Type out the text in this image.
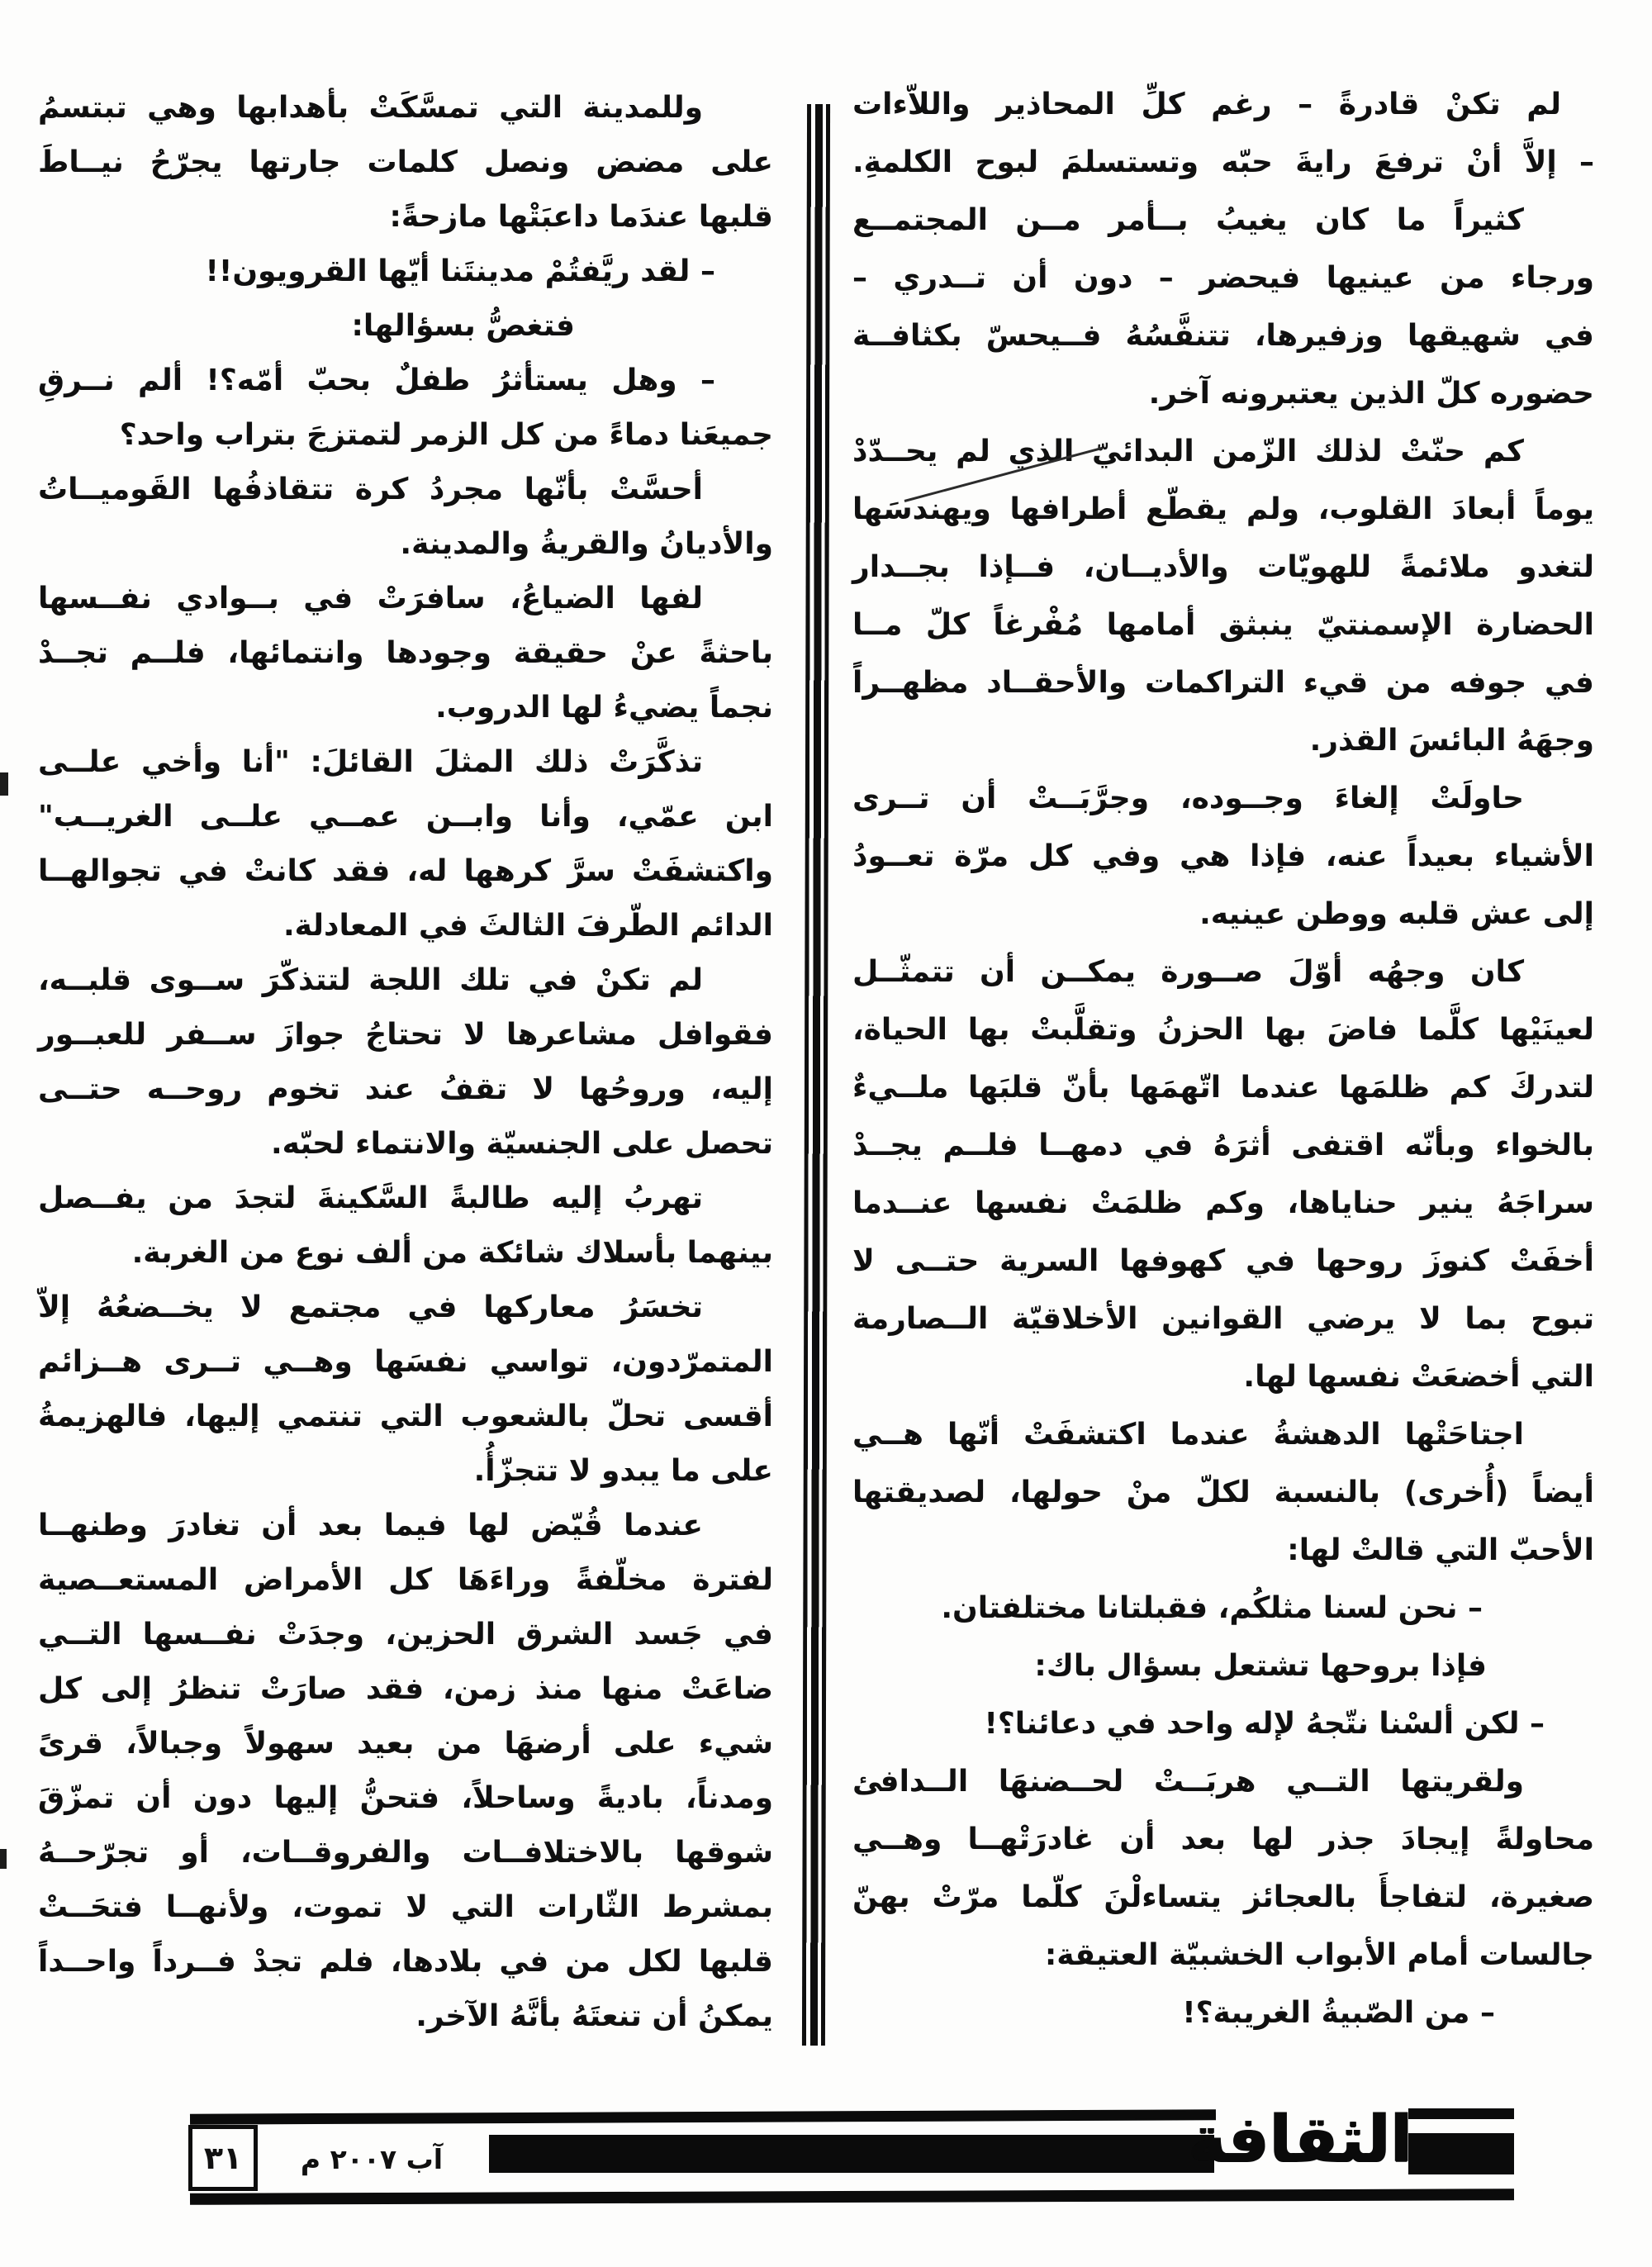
لم تكنْ قادرةً – رغم كلِّ المحاذير واللاّءات
– إلاَّ أنْ ترفعَ رايةَ حبّه وتستسلمَ لبوح الكلمةِ.
كثيراً ما كان يغيبُ بــأمر مــن المجتمــع
ورجاء من عينيها فيحضر – دون أن تــدري –
في شهيقها وزفيرها، تتنفَّسُهُ فــيحسّ بكثافــة
حضوره كلّ الذين يعتبرونه آخر.
كم حنّتْ لذلك الزّمن البدائيّ الذي لم يحــدّدْ
يوماً أبعادَ القلوب، ولم يقطّع أطرافها ويهندسَها
لتغدو ملائمةً للهويّات والأديــان، فــإذا بجــدار
الحضارة الإسمنتيّ ينبثق أمامها مُفْرغاً كلّ مــا
في جوفه من قيء التراكمات والأحقــاد مظهــراً
وجهَهُ البائسَ القذر.
حاولَتْ إلغاءَ وجــوده، وجرَّبَــتْ أن تــرى
الأشياء بعيداً عنه، فإذا هي وفي كل مرّة تعــودُ
إلى عش قلبه ووطن عينيه.
كان وجهُه أوّلَ صــورة يمكــن أن تتمثّــل
لعينَيْها كلَّما فاضَ بها الحزنُ وتقلَّبتْ بها الحياة،
لتدركَ كم ظلمَها عندما اتّهمَها بأنّ قلبَها ملــيءٌ
بالخواء وبأنّه اقتفى أثرَهُ في دمهــا فلــم يجــدْ
سراجَهُ ينير حناياها، وكم ظلمَتْ نفسها عنــدما
أخفَتْ كنوزَ روحها في كهوفها السرية حتــى لا
تبوح بما لا يرضي القوانين الأخلاقيّة الــصارمة
التي أخضعَتْ نفسها لها.
اجتاحَتْها الدهشةُ عندما اكتشفَتْ أنّها هــي
أيضاً (أُخرى) بالنسبة لكلّ منْ حولها، لصديقتها
الأحبّ التي قالتْ لها:
– نحن لسنا مثلكُم، فقبلتانا مختلفتان.
فإذا بروحها تشتعل بسؤال باك:
– لكن ألسْنا نتّجهُ لإله واحد في دعائنا؟!
ولقريتها التــي هربَــتْ لحــضنهَا الــدافئ
محاولةً إيجادَ جذر لها بعد أن غادرَتْهــا وهــي
صغيرة، لتفاجأَ بالعجائز يتساءلْنَ كلّما مرّتْ بهنّ
جالسات أمام الأبواب الخشبيّة العتيقة:
– من الصّبيةُ الغريبة؟!
وللمدينة التي تمسَّكَتْ بأهدابها وهي تبتسمُ
على مضض ونصل كلمات جارتها يجرّحُ نيــاطَ
قلبها عندَما داعبَتْها مازحةً:
– لقد ريَّفتُمْ مدينتَنا أيّها القرويون!!
فتغصُّ بسؤالها:
– وهل يستأثرُ طفلٌ بحبّ أمّه؟! ألم نــرقِ
جميعَنا دماءً من كل الزمر لتمتزجَ بتراب واحد؟
أحسَّتْ بأنّها مجردُ كرة تتقاذفُها القَوميــاتُ
والأديانُ والقريةُ والمدينة.
لفها الضياعُ، سافرَتْ في بــوادي نفــسها
باحثةً عنْ حقيقة وجودها وانتمائها، فلــم تجــدْ
نجماً يضيءُ لها الدروب.
تذكَّرَتْ ذلك المثلَ القائلَ: "أنا وأخي علــى
ابن عمّي، وأنا وابــن عمــي علــى الغريــب"
واكتشفَتْ سرَّ كرهها له، فقد كانتْ في تجوالهــا
الدائم الطّرفَ الثالثَ في المعادلة.
لم تكنْ في تلك اللجة لتتذكّرَ ســوى قلبــه،
فقوافل مشاعرها لا تحتاجُ جوازَ ســفر للعبــور
إليه، وروحُها لا تقفُ عند تخوم روحــه حتــى
تحصل على الجنسيّة والانتماء لحبّه.
تهربُ إليه طالبةً السَّكينةَ لتجدَ من يفــصل
بينهما بأسلاك شائكة من ألف نوع من الغربة.
تخسَرُ معاركها في مجتمع لا يخــضعُهُ إلاّ
المتمرّدون، تواسي نفسَها وهــي تــرى هــزائم
أقسى تحلّ بالشعوب التي تنتمي إليها، فالهزيمةُ
على ما يبدو لا تتجزّأُ.
عندما قُيّض لها فيما بعد أن تغادرَ وطنهــا
لفترة مخلّفةً وراءَهَا كل الأمراض المستعــصية
في جَسد الشرق الحزين، وجدَتْ نفــسها التــي
ضاعَتْ منها منذ زمن، فقد صارَتْ تنظرُ إلى كل
شيء على أرضهَا من بعيد سهولاً وجبالاً، قرىً
ومدناً، باديةً وساحلاً، فتحنُّ إليها دون أن تمزّقَ
شوقها بالاختلافــات والفروقــات، أو تجرّحــهُ
بمشرط الثّارات التي لا تموت، ولأنهــا فتحَــتْ
قلبها لكل من في بلادها، فلم تجدْ فــرداً واحــداً
يمكنُ أن تنعتَهُ بأنَّهُ الآخر.
٣١	آب ٢٠٠٧ م	الثقافة
